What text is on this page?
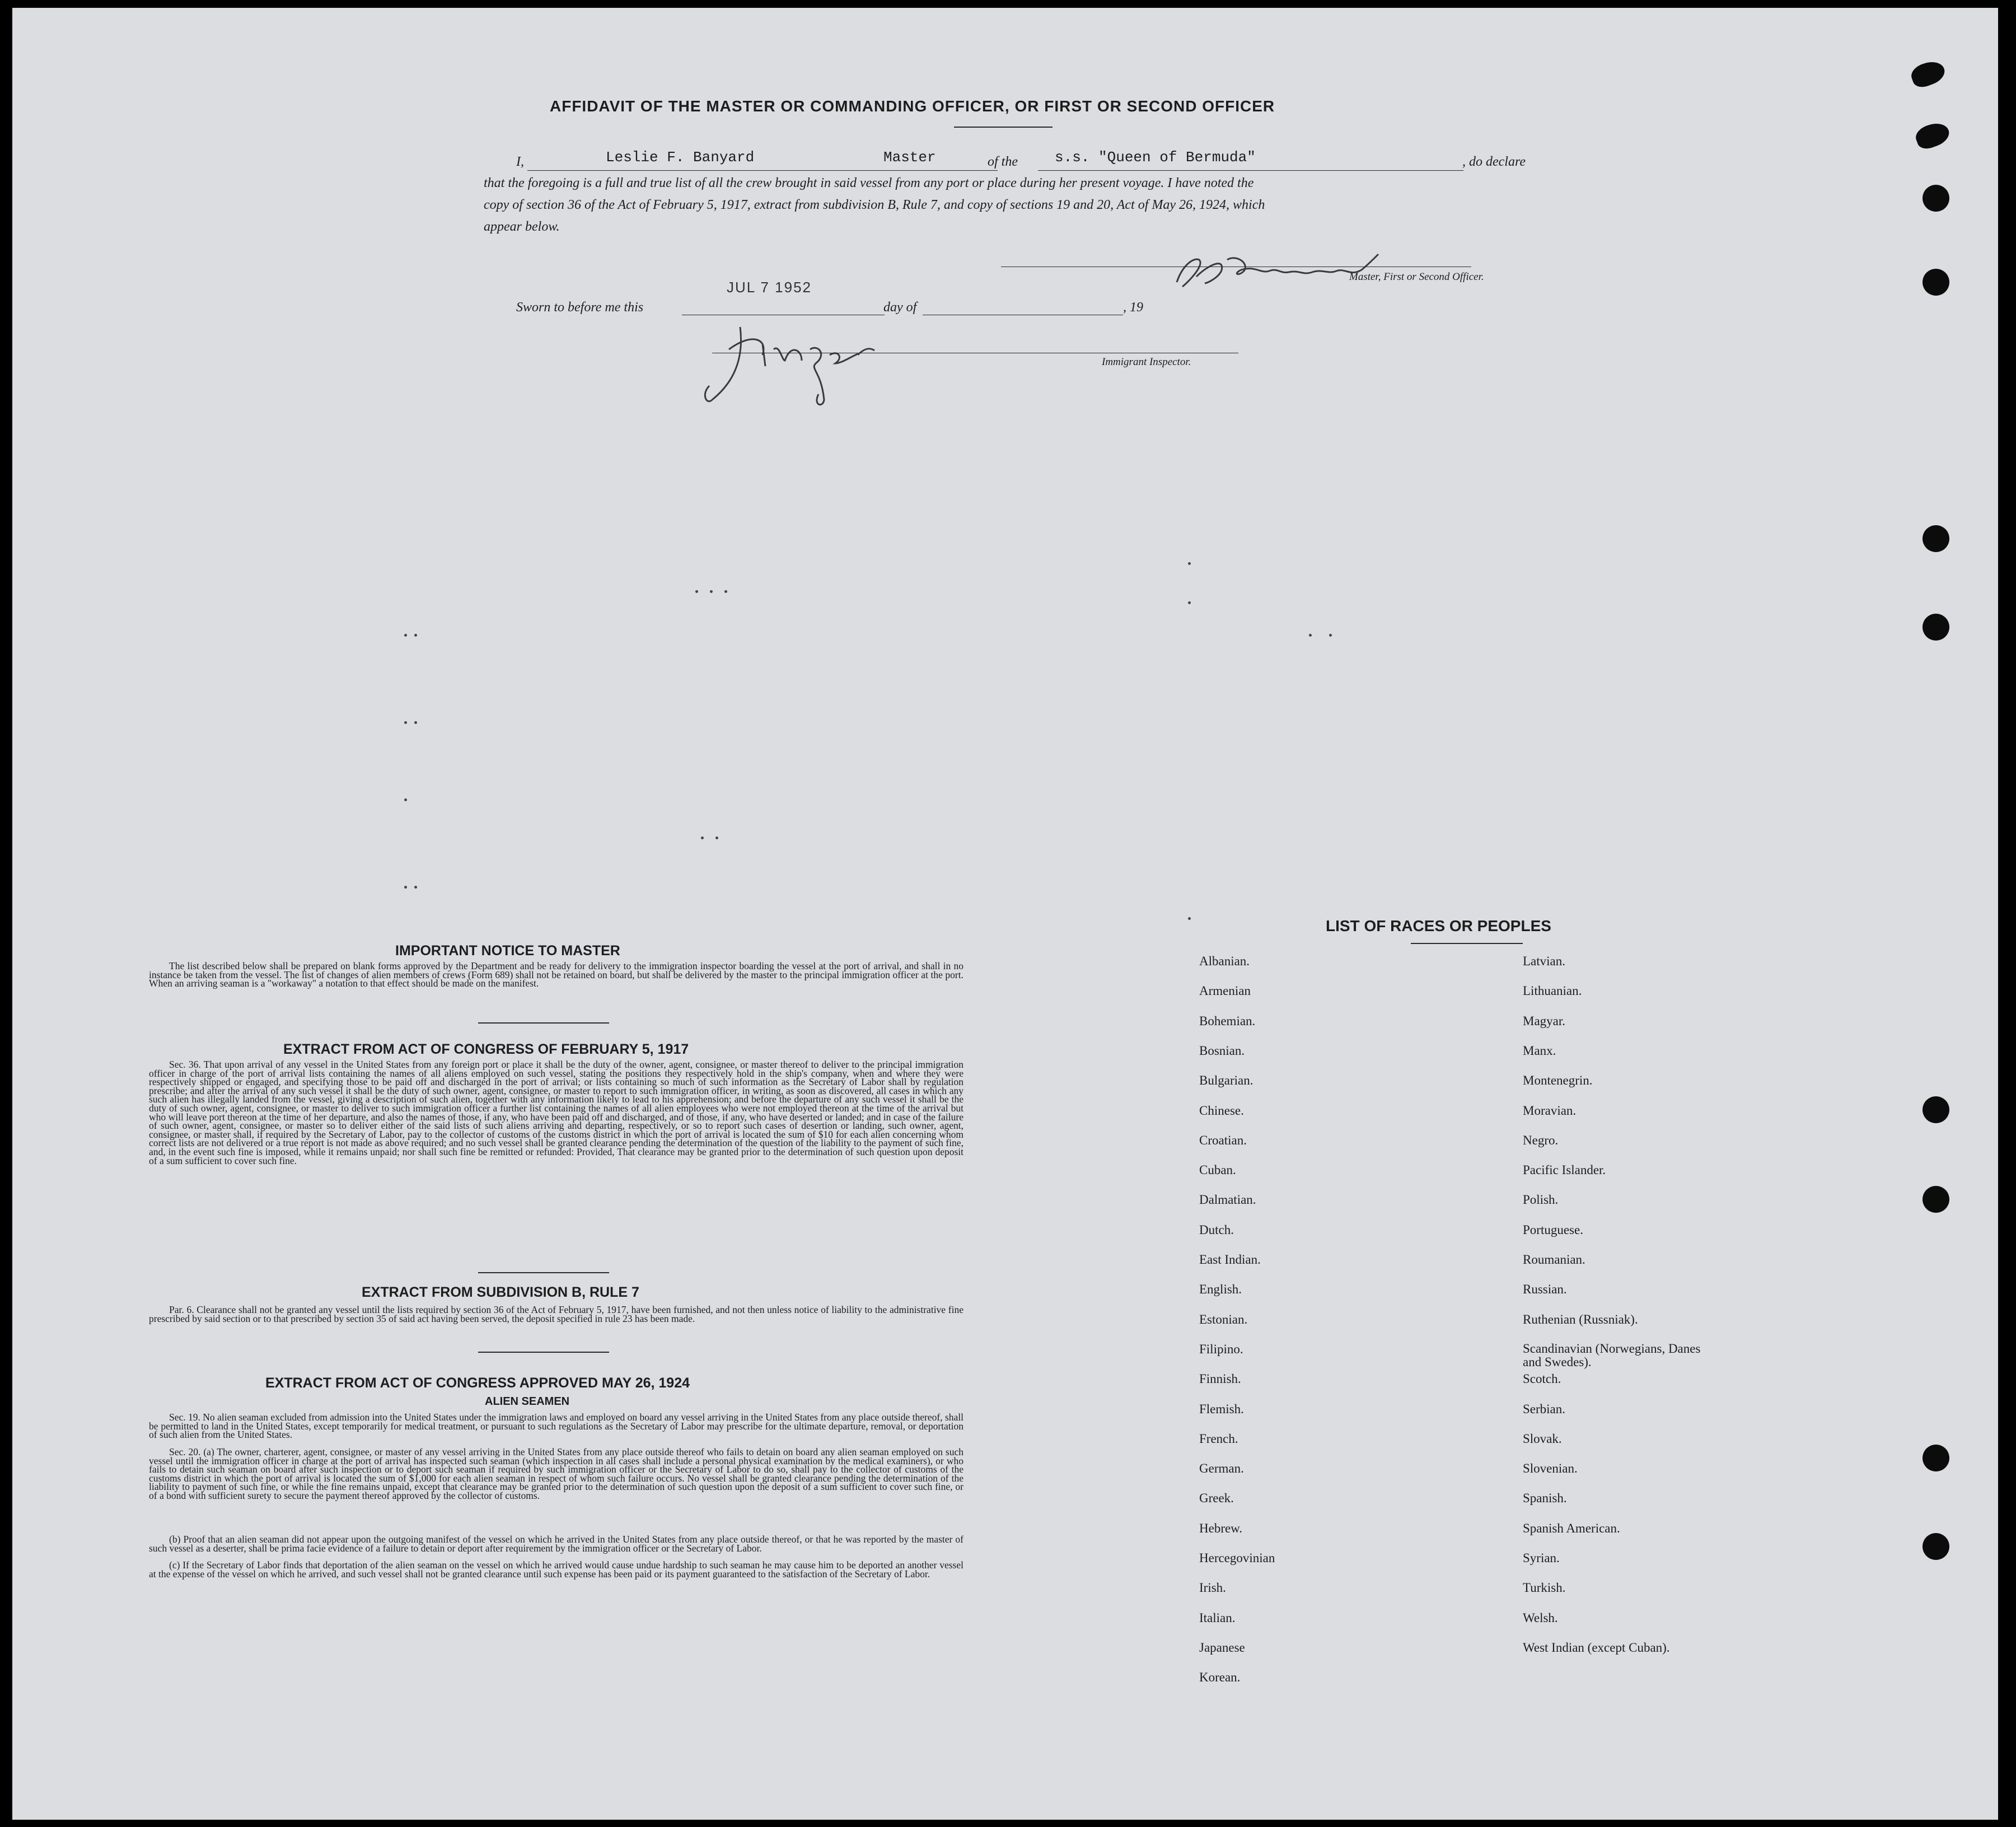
AFFIDAVIT OF THE MASTER OR COMMANDING OFFICER, OR FIRST OR SECOND OFFICER
I,	Leslie F. Banyard	Master	of the	s.s. "Queen of Bermuda"	, do declare
that the foregoing is a full and true list of all the crew brought in said vessel from any port or place during her present voyage. I have noted the
copy of section 36 of the Act of February 5, 1917, extract from subdivision B, Rule 7, and copy of sections 19 and 20, Act of May 26, 1924, which
appear below.
Master, First or Second Officer.
Sworn to before me this
JUL 7 1952
day of	, 19
Immigrant Inspector.
IMPORTANT NOTICE TO MASTER

The list described below shall be prepared on blank forms approved by the Department and be ready for delivery to the immigration inspector boarding the vessel at the port of arrival, and shall in no instance be taken from the vessel. The list of changes of alien members of crews (Form 689) shall not be retained on board, but shall be delivered by the master to the principal immigration officer at the port. When an arriving seaman is a "workaway" a notation to that effect should be made on the manifest.

EXTRACT FROM ACT OF CONGRESS OF FEBRUARY 5, 1917

Sec. 36. That upon arrival of any vessel in the United States from any foreign port or place it shall be the duty of the owner, agent, consignee, or master thereof to deliver to the principal immigration officer in charge of the port of arrival lists containing the names of all aliens employed on such vessel, stating the positions they respectively hold in the ship's company, when and where they were respectively shipped or engaged, and specifying those to be paid off and discharged in the port of arrival; or lists containing so much of such information as the Secretary of Labor shall by regulation prescribe; and after the arrival of any such vessel it shall be the duty of such owner, agent, consignee, or master to report to such immigration officer, in writing, as soon as discovered, all cases in which any such alien has illegally landed from the vessel, giving a description of such alien, together with any information likely to lead to his apprehension; and before the departure of any such vessel it shall be the duty of such owner, agent, consignee, or master to deliver to such immigration officer a further list containing the names of all alien employees who were not employed thereon at the time of the arrival but who will leave port thereon at the time of her departure, and also the names of those, if any, who have been paid off and discharged, and of those, if any, who have deserted or landed; and in case of the failure of such owner, agent, consignee, or master so to deliver either of the said lists of such aliens arriving and departing, respectively, or so to report such cases of desertion or landing, such owner, agent, consignee, or master shall, if required by the Secretary of Labor, pay to the collector of customs of the customs district in which the port of arrival is located the sum of $10 for each alien concerning whom correct lists are not delivered or a true report is not made as above required; and no such vessel shall be granted clearance pending the determination of the question of the liability to the payment of such fine, and, in the event such fine is imposed, while it remains unpaid; nor shall such fine be remitted or refunded: Provided, That clearance may be granted prior to the determination of such question upon deposit of a sum sufficient to cover such fine.

EXTRACT FROM SUBDIVISION B, RULE 7

Par. 6. Clearance shall not be granted any vessel until the lists required by section 36 of the Act of February 5, 1917, have been furnished, and not then unless notice of liability to the administrative fine prescribed by said section or to that prescribed by section 35 of said act having been served, the deposit specified in rule 23 has been made.

EXTRACT FROM ACT OF CONGRESS APPROVED MAY 26, 1924
ALIEN SEAMEN

Sec. 19. No alien seaman excluded from admission into the United States under the immigration laws and employed on board any vessel arriving in the United States from any place outside thereof, shall be permitted to land in the United States, except temporarily for medical treatment, or pursuant to such regulations as the Secretary of Labor may prescribe for the ultimate departure, removal, or deportation of such alien from the United States.

Sec. 20. (a) The owner, charterer, agent, consignee, or master of any vessel arriving in the United States from any place outside thereof who fails to detain on board any alien seaman employed on such vessel until the immigration officer in charge at the port of arrival has inspected such seaman (which inspection in all cases shall include a personal physical examination by the medical examiners), or who fails to detain such seaman on board after such inspection or to deport such seaman if required by such immigration officer or the Secretary of Labor to do so, shall pay to the collector of customs of the customs district in which the port of arrival is located the sum of $1,000 for each alien seaman in respect of whom such failure occurs. No vessel shall be granted clearance pending the determination of the liability to payment of such fine, or while the fine remains unpaid, except that clearance may be granted prior to the determination of such question upon the deposit of a sum sufficient to cover such fine, or of a bond with sufficient surety to secure the payment thereof approved by the collector of customs.

(b) Proof that an alien seaman did not appear upon the outgoing manifest of the vessel on which he arrived in the United States from any place outside thereof, or that he was reported by the master of such vessel as a deserter, shall be prima facie evidence of a failure to detain or deport after requirement by the immigration officer or the Secretary of Labor.

(c) If the Secretary of Labor finds that deportation of the alien seaman on the vessel on which he arrived would cause undue hardship to such seaman he may cause him to be deported an another vessel at the expense of the vessel on which he arrived, and such vessel shall not be granted clearance until such expense has been paid or its payment guaranteed to the satisfaction of the Secretary of Labor.

LIST OF RACES OR PEOPLES
Albanian.
Armenian
Bohemian.
Bosnian.
Bulgarian.
Chinese.
Croatian.
Cuban.
Dalmatian.
Dutch.
East Indian.
English.
Estonian.
Filipino.
Finnish.
Flemish.
French.
German.
Greek.
Hebrew.
Hercegovinian
Irish.
Italian.
Japanese
Korean.
Latvian.
Lithuanian.
Magyar.
Manx.
Montenegrin.
Moravian.
Negro.
Pacific Islander.
Polish.
Portuguese.
Roumanian.
Russian.
Ruthenian (Russniak).
Scandinavian (Norwegians, Danes and Swedes).
Scotch.
Serbian.
Slovak.
Slovenian.
Spanish.
Spanish American.
Syrian.
Turkish.
Welsh.
West Indian (except Cuban).
